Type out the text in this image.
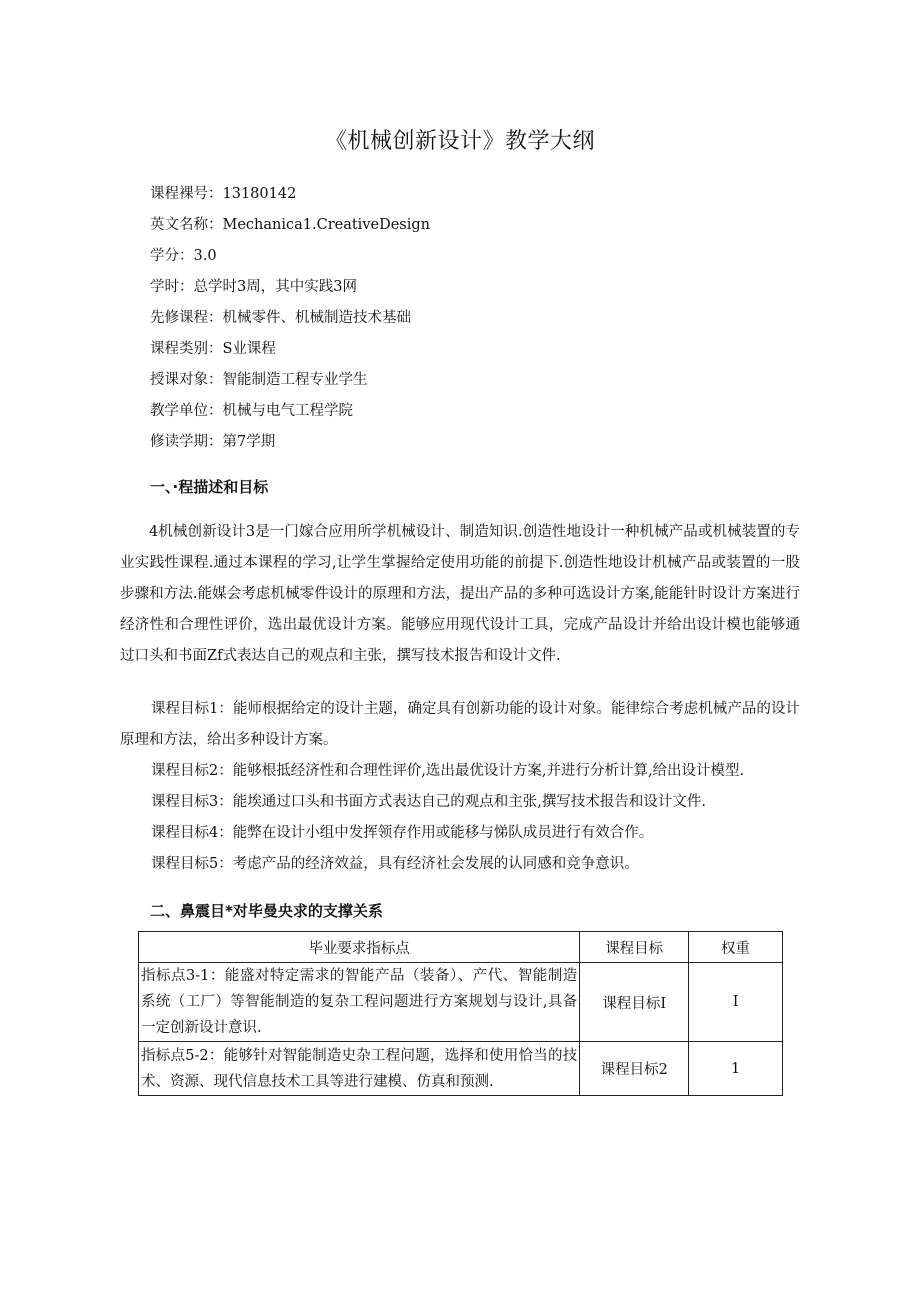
《机械创新设计》教学大纲
课程裸号：13180142
英文名称：Mechanica1.CreativeDesign
学分：3.0
学时：总学时3周，其中实践3网
先修课程：机械零件、机械制造技术基础
课程类别：S业课程
授课对象：智能制造工程专业学生
教学单位：机械与电气工程学院
修读学期：第7学期
一、·程描述和目标
4机械创新设计3是一门嫁合应用所学机械设计、制造知识.创造性地设计一种机械产品或机械装置的专业实践性课程.通过本课程的学习,让学生掌握给定使用功能的前提下.创造性地设计机械产品或装置的一股步骤和方法.能媒会考虑机械零件设计的原理和方法，提出产品的多种可选设计方案,能能针时设计方案进行经济性和合理性评价，选出最优设计方案。能够应用现代设计工具，完成产品设计并给出设计模也能够通过口头和书面Zf式表达自己的观点和主张，撰写技术报告和设计文件.
课程目标1：能师根据给定的设计主题，确定具有创新功能的设计对象。能律综合考虑机械产品的设计原理和方法，给出多种设计方案。
课程目标2：能够根抵经济性和合理性评价,选出最优设计方案,并进行分析计算,给出设计模型.
课程目标3：能埃通过口头和书面方式表达自己的观点和主张,撰写技术报告和设计文件.
课程目标4：能弊在设计小组中发挥领存作用或能移与悌队成员进行有效合作。
课程目标5：考虑产品的经济效益，具有经济社会发展的认同感和竞争意识。
二、鼻震目*对毕曼央求的支撑关系
毕业要求指标点	课程目标	权重
指标点3-1：能盛对特定需求的智能产品（装备）、产代、智能制造系统（工厂）等智能制造的复杂工程问题进行方案规划与设计,具备一定创新设计意识.	课程目标I	I
指标点5-2：能够针对智能制造史杂工程问题，选择和使用恰当的技术、资源、现代信息技术工具等进行建模、仿真和预测.	课程目标2	1
